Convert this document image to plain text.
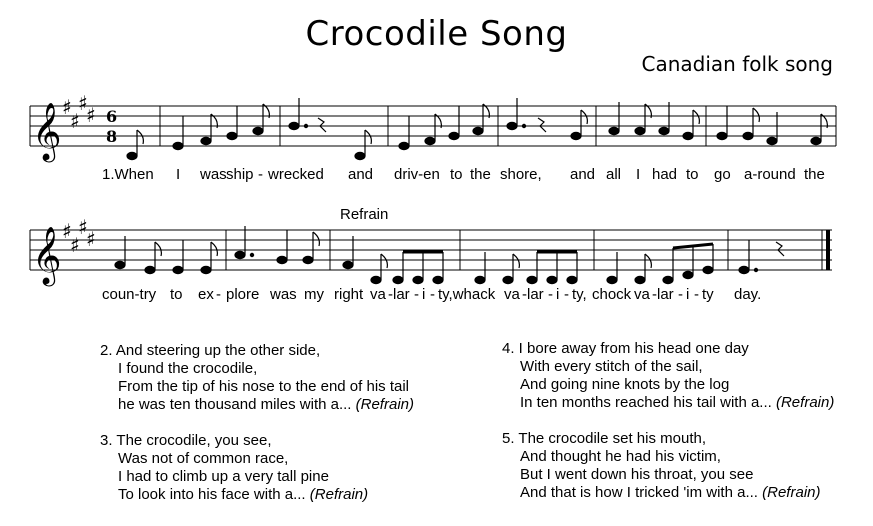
Crocodile Song
Canadian folk song
𝄞 ♯
♯
♯
♯ 6
8
1.When I was ship - wrecked and driv-en to the shore, and all I had to go a-round the
Refrain
𝄞 ♯
♯
♯
♯
coun-try to ex - plore was my right va -lar - i - ty,whack va -lar - i - ty, chock va -lar - i - ty day.
2. And steering up the other side,
I found the crocodile,
From the tip of his nose to the end of his tail
he was ten thousand miles with a... (Refrain)
3. The crocodile, you see,
Was not of common race,
I had to climb up a very tall pine
To look into his face with a... (Refrain)
4. I bore away from his head one day
With every stitch of the sail,
And going nine knots by the log
In ten months reached his tail with a... (Refrain)
5. The crocodile set his mouth,
And thought he had his victim,
But I went down his throat, you see
And that is how I tricked 'im with a... (Refrain)
